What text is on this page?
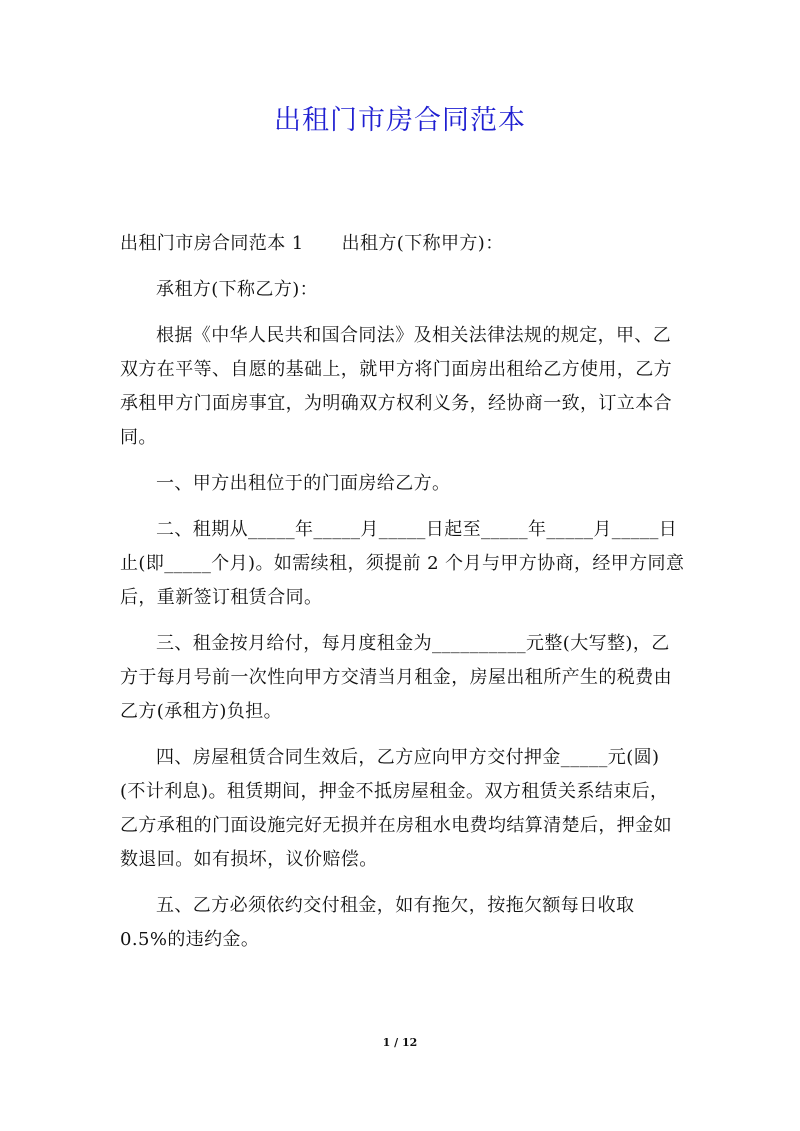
出租门市房合同范本

出租门市房合同范本 1 出租方(下称甲方)：

承租方(下称乙方)：

根据《中华人民共和国合同法》及相关法律法规的规定，甲、乙双方在平等、自愿的基础上，就甲方将门面房出租给乙方使用，乙方承租甲方门面房事宜，为明确双方权利义务，经协商一致，订立本合同。

一、甲方出租位于的门面房给乙方。

二、租期从_____年_____月_____日起至_____年_____月_____日止(即_____个月)。如需续租，须提前 2 个月与甲方协商，经甲方同意后，重新签订租赁合同。

三、租金按月给付，每月度租金为__________元整(大写整)，乙方于每月号前一次性向甲方交清当月租金，房屋出租所产生的税费由乙方(承租方)负担。

四、房屋租赁合同生效后，乙方应向甲方交付押金_____元(圆)(不计利息)。租赁期间，押金不抵房屋租金。双方租赁关系结束后，乙方承租的门面设施完好无损并在房租水电费均结算清楚后，押金如数退回。如有损坏，议价赔偿。

五、乙方必须依约交付租金，如有拖欠，按拖欠额每日收取 0.5%的违约金。

1 / 12
